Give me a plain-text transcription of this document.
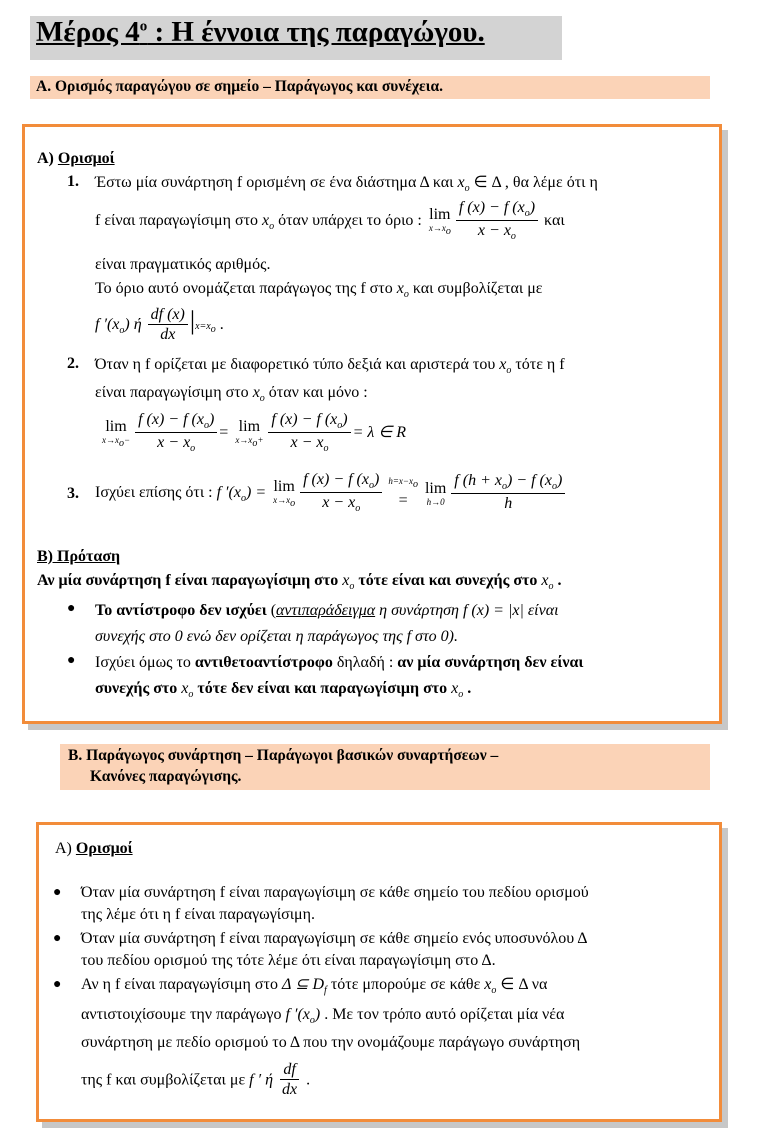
Μέρος $4^o$ : Η έννοια της παραγώγου.
Α. Ορισμός παραγώγου σε σημείο – Παράγωγος και συνέχεια.
Α) Ορισμοί
1. Έστω μία συνάρτηση f ορισμένη σε ένα διάστημα Δ και $x_o$ ∈ Δ , θα λέμε ότι η
f είναι παραγωγίσιμη στο $x_o$ όταν υπάρχει το όριο : lim
$x\to x_o \frac{f (x) - f (x_o)}{x - x_o}$ και
είναι πραγματικός αριθμός.
Το όριο αυτό ονομάζεται παράγωγος της f στο $x_o$ και συμβολίζεται με
f $'(x_o)$ ή $\frac{df (x)}{dx} |x=x_o$ .
2. Όταν η f ορίζεται με διαφορετικό τύπο δεξιά και αριστερά του $x_o$ τότε η f
είναι παραγωγίσιμη στο $x_o$ όταν και μόνο :
lim
$x\to x_o- \frac{f (x) - f (x_o)}{x - x_o} = \lim$
$x\to x_o+ \frac{f (x) - f (x_o)}{x - x_o} = \lambda$ ∈ R
3. Ισχύει επίσης ότι : f $'(x_o) = \lim$
$x\to x_o \frac{f (x) - f (x_o)}{x - x_o}$
$h=x-x_o$
=

lim
$h\to 0 \frac{f (h + x_o) - f (x_o)}{h}$
Β) Πρόταση
Αν μία συνάρτηση f είναι παραγωγίσιμη στο $x_o$ τότε είναι και συνεχής στο $x_o$ .
● Το αντίστροφο δεν ισχύει (αντιπαράδειγμα η συνάρτηση f (x) = |x| είναι
συνεχής στο 0 ενώ δεν ορίζεται η παράγωγος της f στο 0).
● Ισχύει όμως το αντιθετοαντίστροφο δηλαδή : αν μία συνάρτηση δεν είναι
συνεχής στο $x_o$ τότε δεν είναι και παραγωγίσιμη στο $x_o$ .
Β. Παράγωγος συνάρτηση – Παράγωγοι βασικών συναρτήσεων –
Κανόνες παραγώγισης.
Α) Ορισμοί
● Όταν μία συνάρτηση f είναι παραγωγίσιμη σε κάθε σημείο του πεδίου ορισμού
της λέμε ότι η f είναι παραγωγίσιμη.
● Όταν μία συνάρτηση f είναι παραγωγίσιμη σε κάθε σημείο ενός υποσυνόλου Δ
του πεδίου ορισμού της τότε λέμε ότι είναι παραγωγίσιμη στο Δ.
● Αν η f είναι παραγωγίσιμη στο Δ ⊆ $D_f$ τότε μπορούμε σε κάθε $x_o$ ∈ Δ να
αντιστοιχίσουμε την παράγωγο f $'(x_o)$ . Με τον τρόπο αυτό ορίζεται μία νέα
συνάρτηση με πεδίο ορισμού το Δ που την ονομάζουμε παράγωγο συνάρτηση
της f και συμβολίζεται με f ′ ή $\frac{df}{dx}$ .
